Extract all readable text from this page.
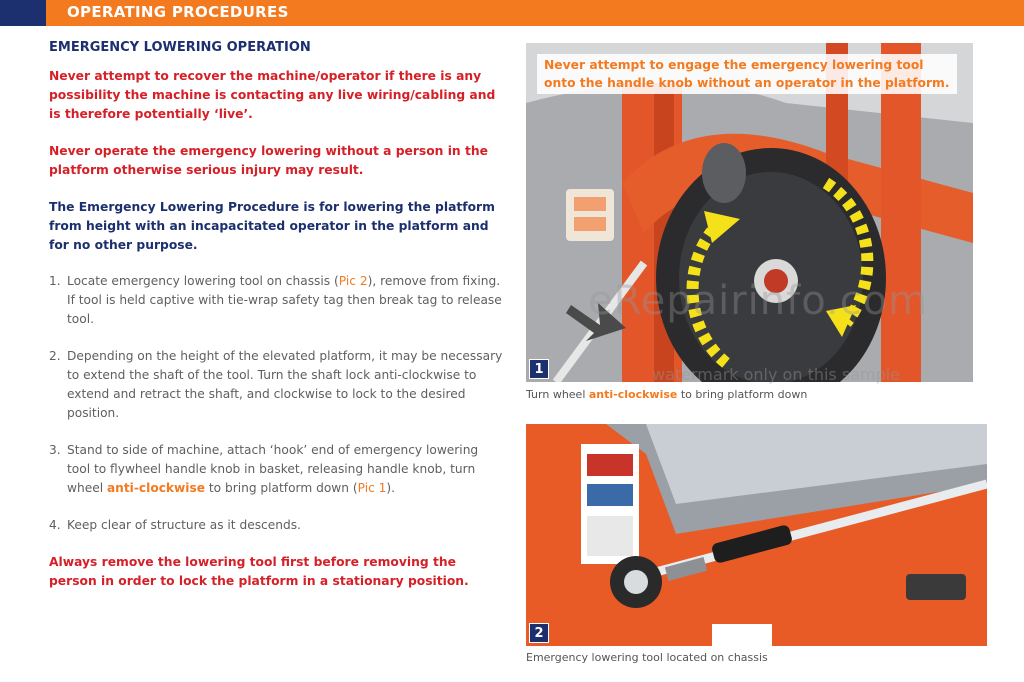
OPERATING PROCEDURES
EMERGENCY LOWERING OPERATION

Never attempt to recover the machine/operator if there is any possibility the machine is contacting any live wiring/cabling and is therefore potentially ‘live’.

Never operate the emergency lowering without a person in the platform otherwise serious injury may result.

The Emergency Lowering Procedure is for lowering the platform from height with an incapacitated operator in the platform and for no other purpose.

1. Locate emergency lowering tool on chassis (Pic 2), remove from fixing. If tool is held captive with tie-wrap safety tag then break tag to release tool.
2. Depending on the height of the elevated platform, it may be necessary to extend the shaft of the tool. Turn the shaft lock anti-clockwise to extend and retract the shaft, and clockwise to lock to the desired position.
3. Stand to side of machine, attach ‘hook’ end of emergency lowering tool to flywheel handle knob in basket, releasing handle knob, turn wheel anti-clockwise to bring platform down (Pic 1).
4. Keep clear of structure as it descends.

Always remove the lowering tool first before removing the person in order to lock the platform in a stationary position.

Never attempt to engage the emergency lowering tool onto the handle knob without an operator in the platform.
1
Turn wheel anti-clockwise to bring platform down
2
Emergency lowering tool located on chassis
eRepairinfo.com
watermark only on this sample
